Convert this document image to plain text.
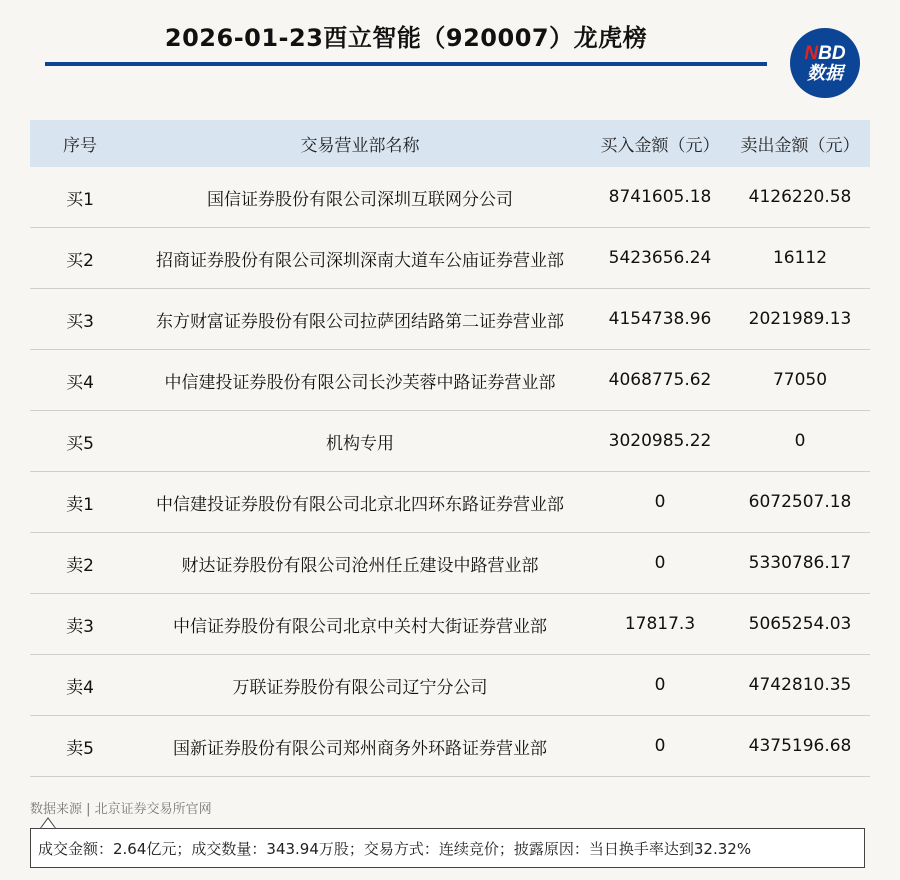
2026-01-23酉立智能（920007）龙虎榜
NBD
数据
序号	交易营业部名称	买入金额（元）	卖出金额（元）
买1	国信证券股份有限公司深圳互联网分公司	8741605.18	4126220.58
买2	招商证券股份有限公司深圳深南大道车公庙证券营业部	5423656.24	16112
买3	东方财富证券股份有限公司拉萨团结路第二证券营业部	4154738.96	2021989.13
买4	中信建投证券股份有限公司长沙芙蓉中路证券营业部	4068775.62	77050
买5	机构专用	3020985.22	0
卖1	中信建投证券股份有限公司北京北四环东路证券营业部	0	6072507.18
卖2	财达证券股份有限公司沧州任丘建设中路营业部	0	5330786.17
卖3	中信证券股份有限公司北京中关村大街证券营业部	17817.3	5065254.03
卖4	万联证券股份有限公司辽宁分公司	0	4742810.35
卖5	国新证券股份有限公司郑州商务外环路证券营业部	0	4375196.68
数据来源 | 北京证券交易所官网
成交金额：2.64亿元；成交数量：343.94万股；交易方式：连续竞价；披露原因：当日换手率达到32.32%
